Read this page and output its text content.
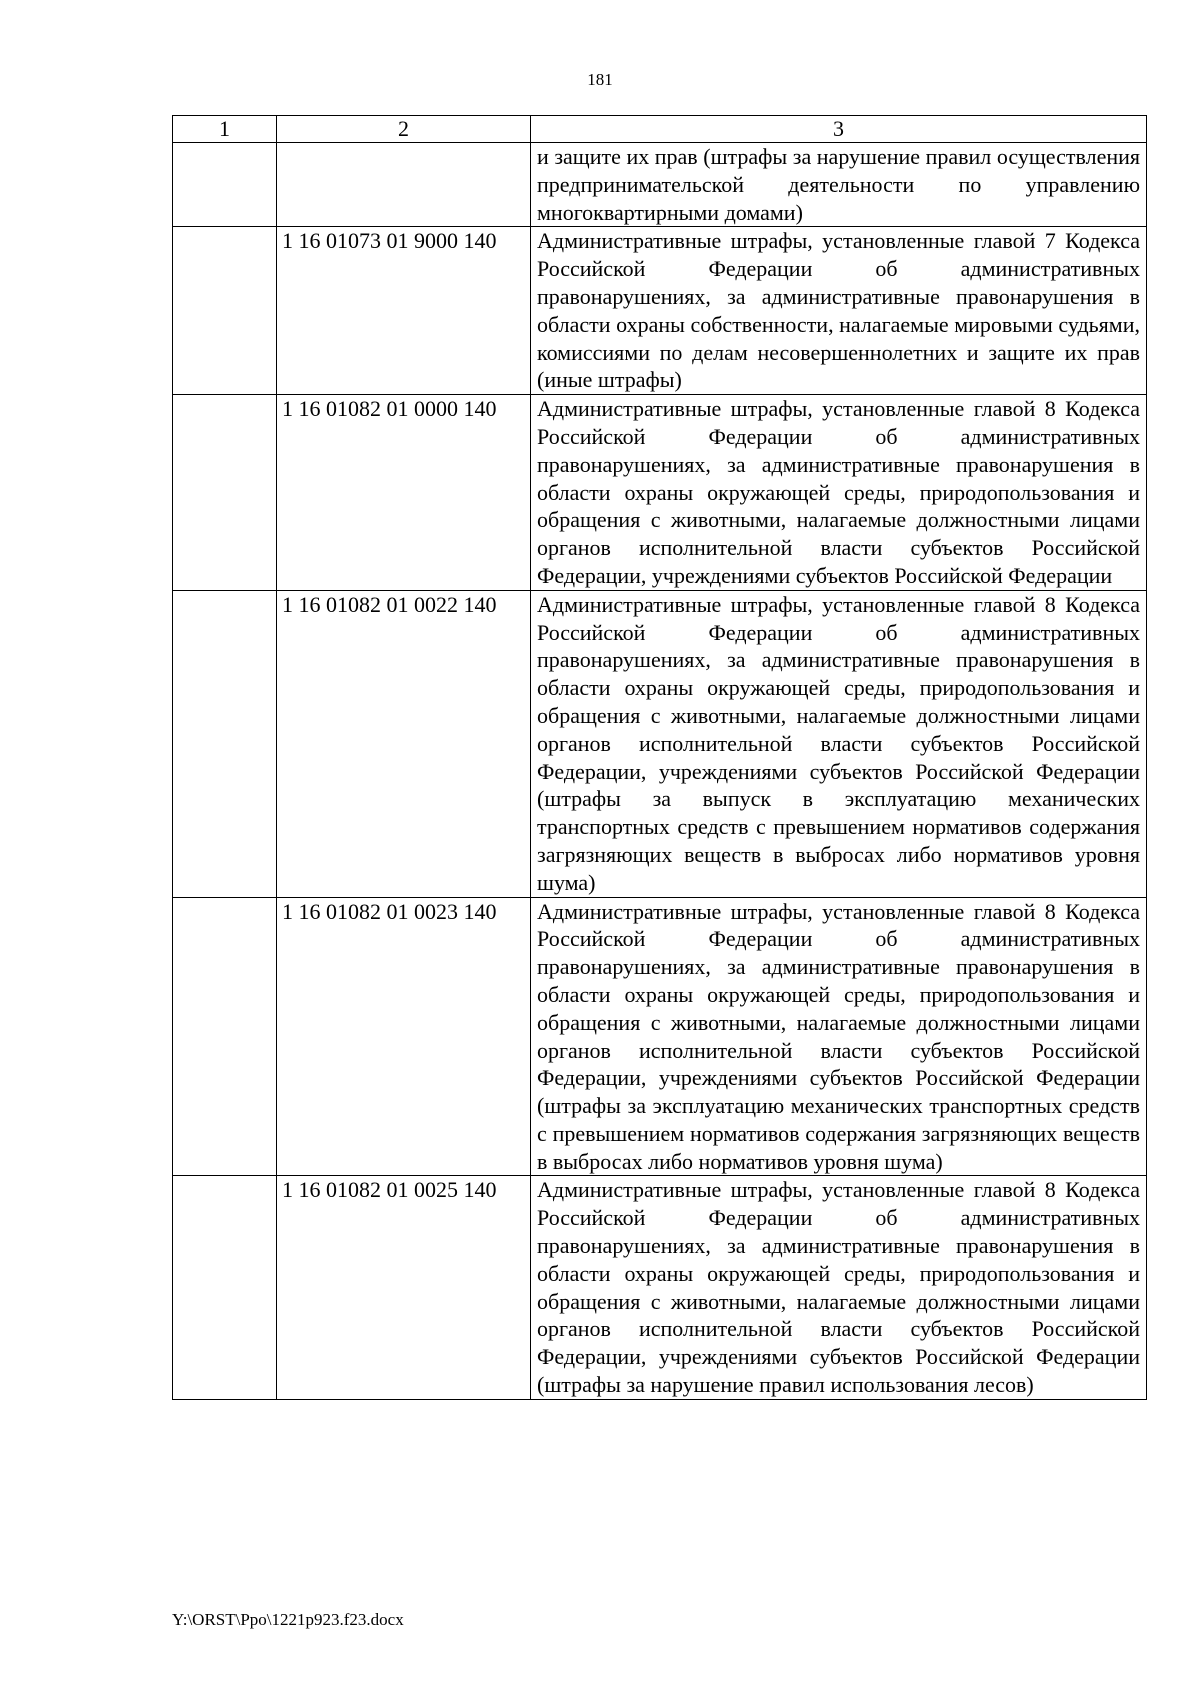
181
1	2	3
		и защите их прав (штрафы за нарушение правил осуществления предпринимательской деятельности по управлению многоквартирными домами)
	1 16 01073 01 9000 140	Административные штрафы, установленные главой 7 Кодекса Российской Федерации об административных правонарушениях, за административные правонарушения в области охраны собственности, налагаемые мировыми судьями, комиссиями по делам несовершеннолетних и защите их прав (иные штрафы)
	1 16 01082 01 0000 140	Административные штрафы, установленные главой 8 Кодекса Российской Федерации об административных правонарушениях, за административные правонарушения в области охраны окружающей среды, природопользования и обращения с животными, налагаемые должностными лицами органов исполнительной власти субъектов Российской Федерации, учреждениями субъектов Российской Федерации
	1 16 01082 01 0022 140	Административные штрафы, установленные главой 8 Кодекса Российской Федерации об административных правонарушениях, за административные правонарушения в области охраны окружающей среды, природопользования и обращения с животными, налагаемые должностными лицами органов исполнительной власти субъектов Российской Федерации, учреждениями субъектов Российской Федерации (штрафы за выпуск в эксплуатацию механических транспортных средств с превышением нормативов содержания загрязняющих веществ в выбросах либо нормативов уровня шума)
	1 16 01082 01 0023 140	Административные штрафы, установленные главой 8 Кодекса Российской Федерации об административных правонарушениях, за административные правонарушения в области охраны окружающей среды, природопользования и обращения с животными, налагаемые должностными лицами органов исполнительной власти субъектов Российской Федерации, учреждениями субъектов Российской Федерации (штрафы за эксплуатацию механических транспортных средств с превышением нормативов содержания загрязняющих веществ в выбросах либо нормативов уровня шума)
	1 16 01082 01 0025 140	Административные штрафы, установленные главой 8 Кодекса Российской Федерации об административных правонарушениях, за административные правонарушения в области охраны окружающей среды, природопользования и обращения с животными, налагаемые должностными лицами органов исполнительной власти субъектов Российской Федерации, учреждениями субъектов Российской Федерации (штрафы за нарушение правил использования лесов)
Y:\ORST\Ppo\1221p923.f23.docx
